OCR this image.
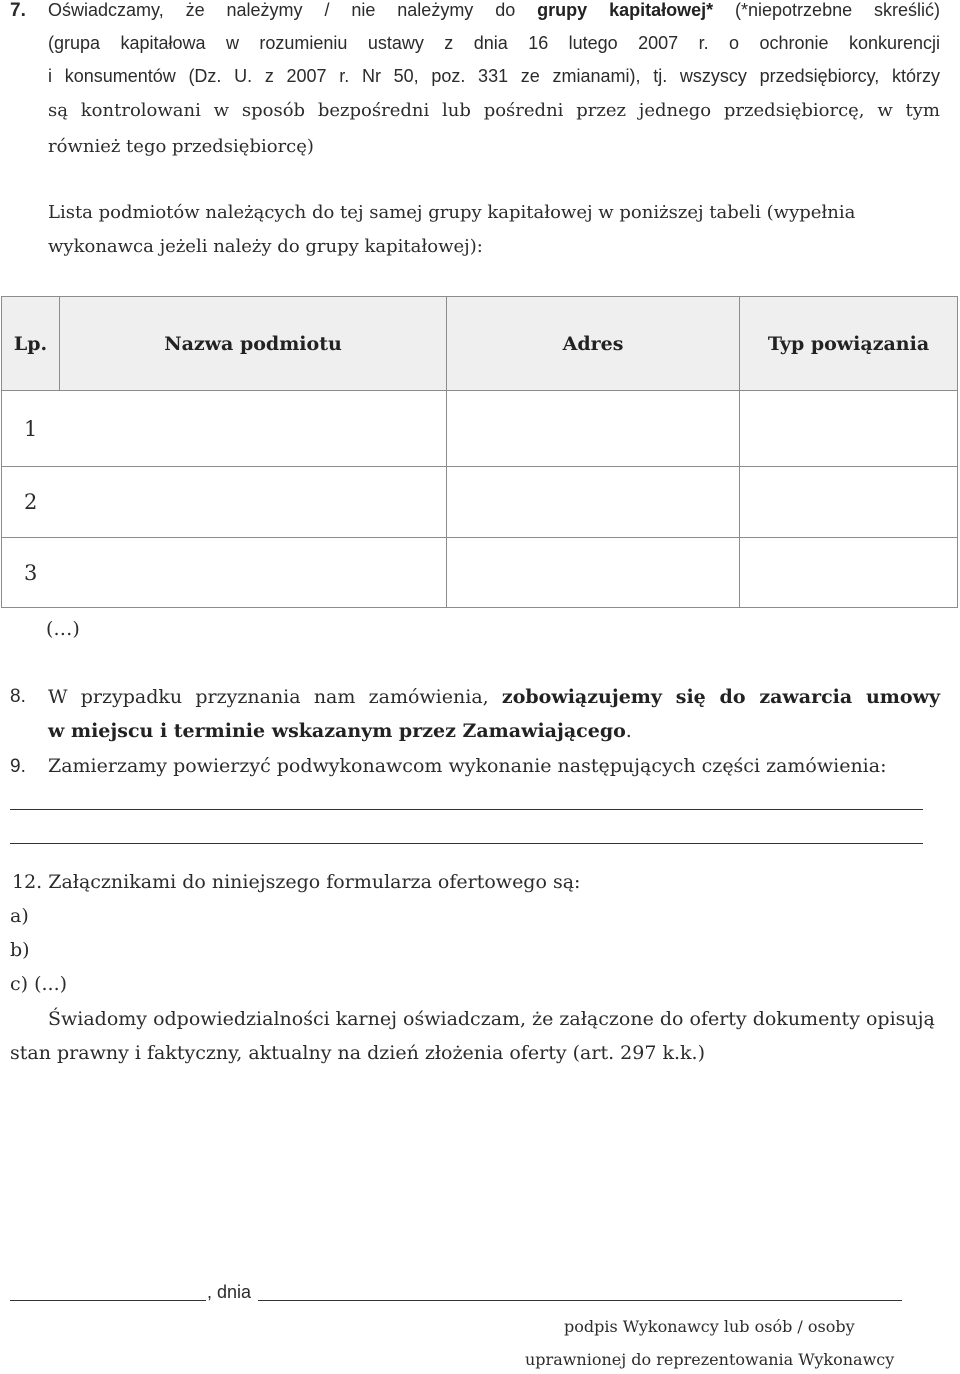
7. Oświadczamy, że należymy / nie należymy do grupy kapitałowej* (*niepotrzebne skreślić)
(grupa kapitałowa w rozumieniu ustawy z dnia 16 lutego 2007 r. o ochronie konkurencji
i konsumentów (Dz. U. z 2007 r. Nr 50, poz. 331 ze zmianami), tj. wszyscy przedsiębiorcy, którzy
są kontrolowani w sposób bezpośredni lub pośredni przez jednego przedsiębiorcę, w tym
również tego przedsiębiorcę)
Lista podmiotów należących do tej samej grupy kapitałowej w poniższej tabeli (wypełnia
wykonawca jeżeli należy do grupy kapitałowej):
Lp.	Nazwa podmiotu	Adres	Typ powiązania
1			
2			
3			
(…)
8. W przypadku przyznania nam zamówienia, zobowiązujemy się do zawarcia umowy
w miejscu i terminie wskazanym przez Zamawiającego.
9. Zamierzamy powierzyć podwykonawcom wykonanie następujących części zamówienia:
12. Załącznikami do niniejszego formularza ofertowego są:
a)
b)
c) (...)
Świadomy odpowiedzialności karnej oświadczam, że załączone do oferty dokumenty opisują
stan prawny i faktyczny, aktualny na dzień złożenia oferty (art. 297 k.k.)
, dnia
podpis Wykonawcy lub osób / osoby
uprawnionej do reprezentowania Wykonawcy
